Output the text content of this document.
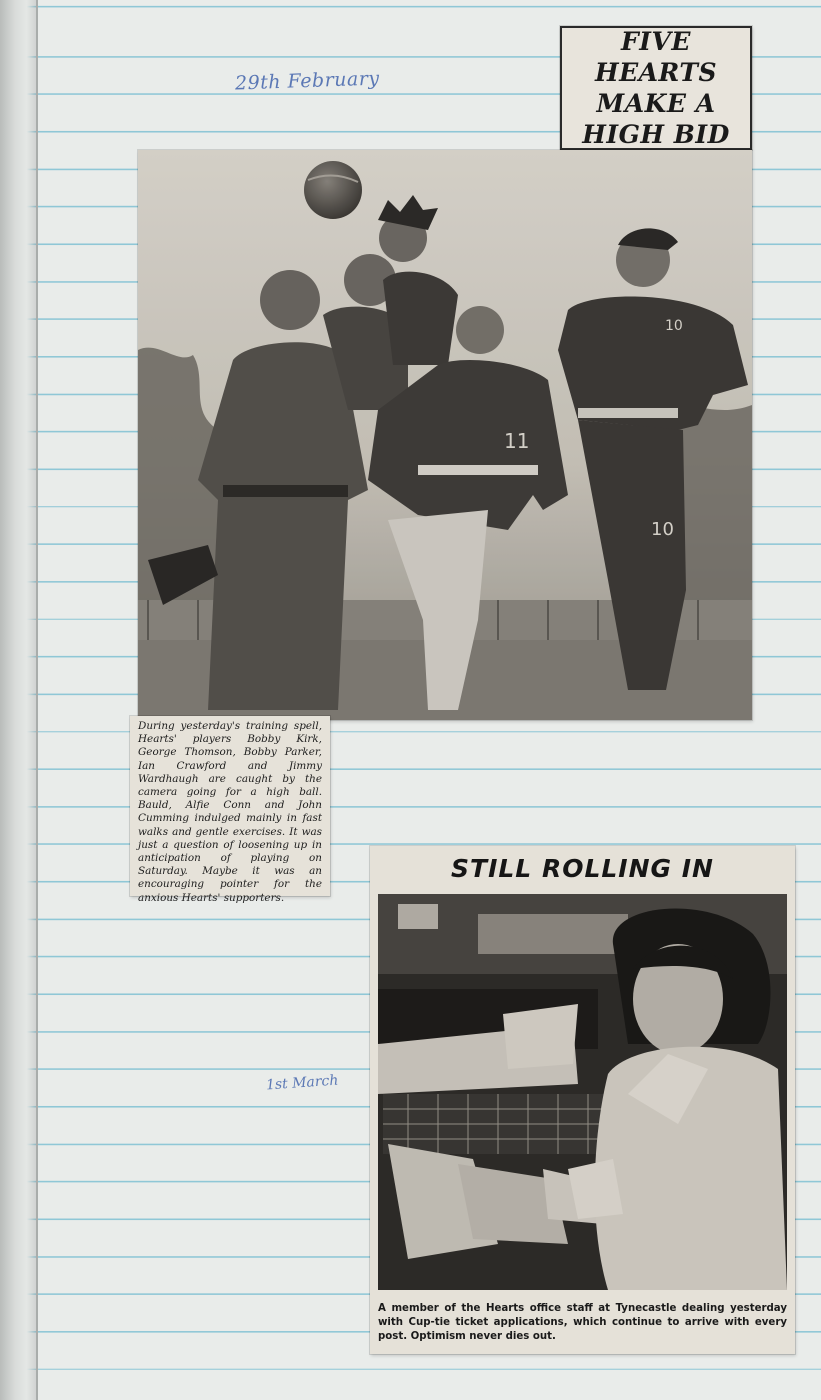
29th February
FIVE HEARTS
MAKE A
HIGH BID
11
10
10
During yesterday's training spell, Hearts' players Bobby Kirk, George Thomson, Bobby Parker, Ian Crawford and Jimmy Wardhaugh are caught by the camera going for a high ball. Bauld, Alfie Conn and John Cumming indulged mainly in fast walks and gentle exercises. It was just a question of loosening up in anticipation of playing on Saturday. Maybe it was an encouraging pointer for the anxious Hearts' supporters.
1st March
STILL ROLLING IN
A member of the Hearts office staff at Tynecastle dealing yesterday with Cup-tie ticket applications, which continue to arrive with every post. Optimism never dies out.
